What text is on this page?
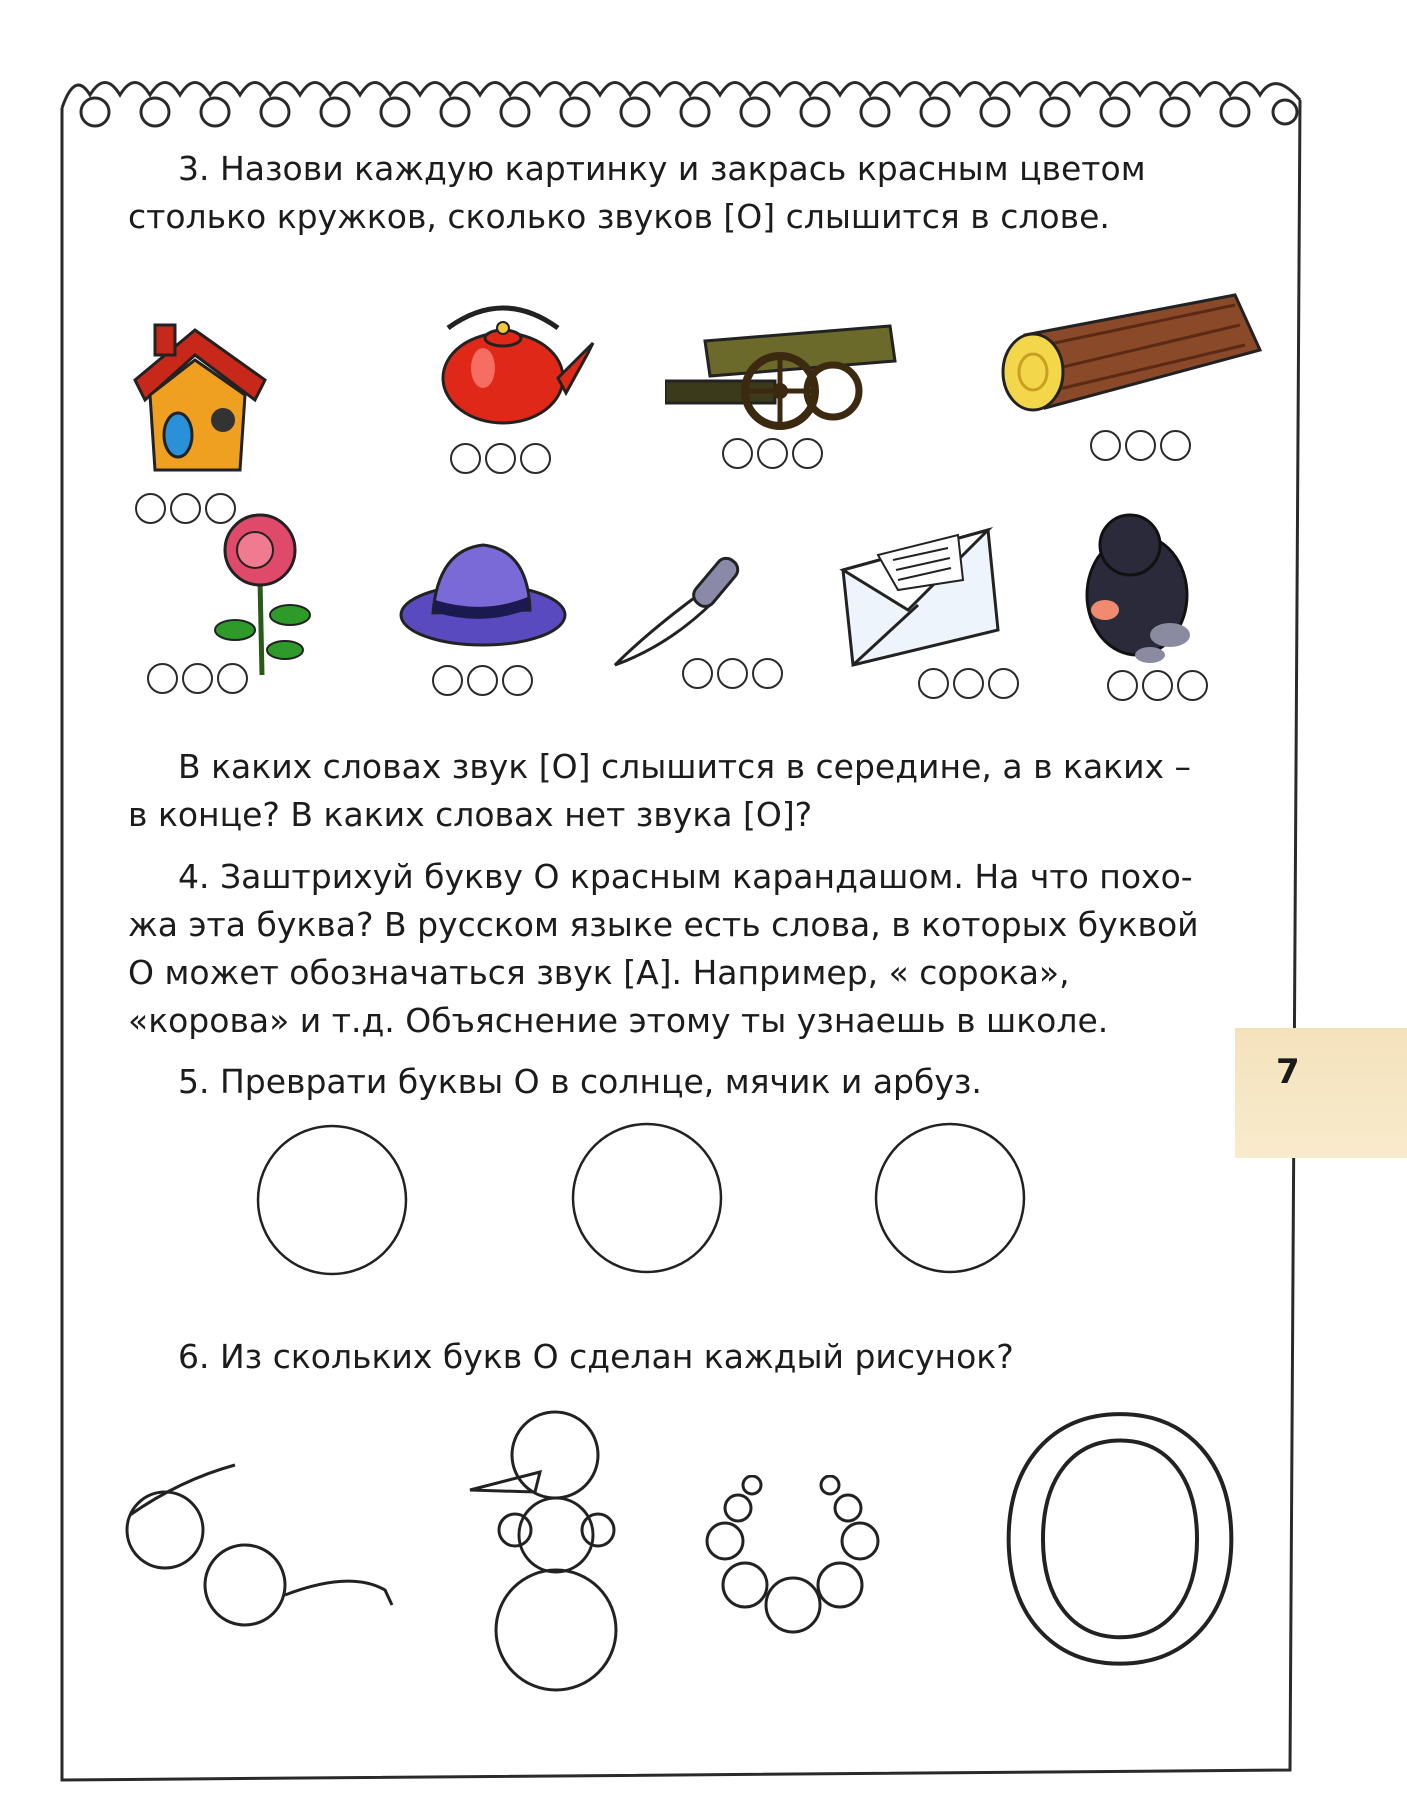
3. Назови каждую картинку и закрась красным цветом

столько кружков, сколько звуков [О] слышится в слове.

В каких словах звук [О] слышится в середине, а в каких –

в конце? В каких словах нет звука [О]?

4. Заштрихуй букву О красным карандашом. На что похо-

жа эта буква? В русском языке есть слова, в которых буквой

О может обозначаться звук [А]. Например, « сорока»,

«корова» и т.д. Объяснение этому ты узнаешь в школе.

5. Преврати буквы О в солнце, мячик и арбуз.

6. Из скольких букв О сделан каждый рисунок?

O
7
